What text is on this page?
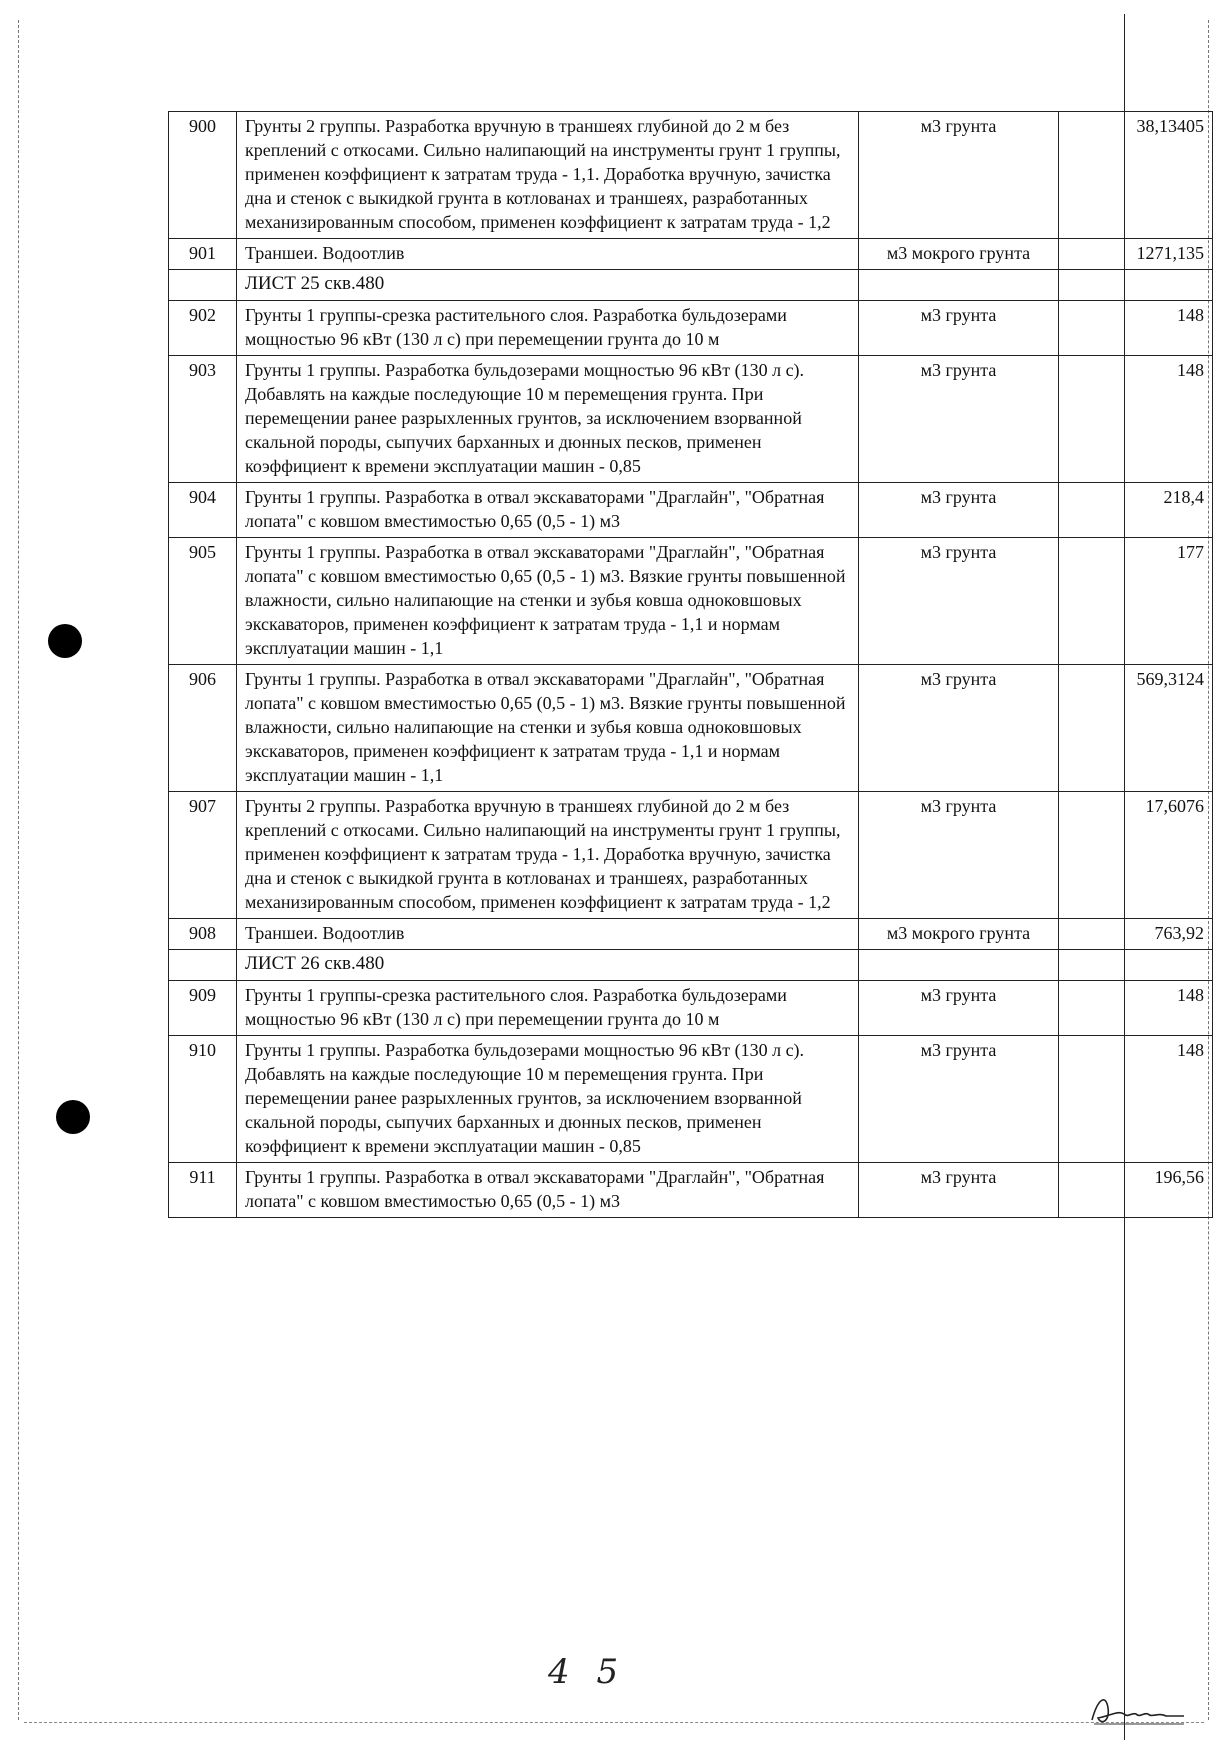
900	Грунты 2 группы. Разработка вручную в траншеях глубиной до 2 м без креплений с откосами. Сильно налипающий на инструменты грунт 1 группы, применен коэффициент к затратам труда - 1,1. Доработка вручную, зачистка дна и стенок с выкидкой грунта в котлованах и траншеях, разработанных механизированным способом, применен коэффициент к затратам труда - 1,2	м3 грунта	38,13405
901	Траншеи. Водоотлив	м3 мокрого грунта	1271,135
	ЛИСТ 25 скв.480		
902	Грунты 1 группы-срезка растительного слоя. Разработка бульдозерами мощностью 96 кВт (130 л с) при перемещении грунта до 10 м	м3 грунта	148
903	Грунты 1 группы. Разработка бульдозерами мощностью 96 кВт (130 л с). Добавлять на каждые последующие 10 м перемещения грунта. При перемещении ранее разрыхленных грунтов, за исключением взорванной скальной породы, сыпучих барханных и дюнных песков, применен коэффициент к времени эксплуатации машин - 0,85	м3 грунта	148
904	Грунты 1 группы. Разработка в отвал экскаваторами "Драглайн", "Обратная лопата" с ковшом вместимостью 0,65 (0,5 - 1) м3	м3 грунта	218,4
905	Грунты 1 группы. Разработка в отвал экскаваторами "Драглайн", "Обратная лопата" с ковшом вместимостью 0,65 (0,5 - 1) м3. Вязкие грунты повышенной влажности, сильно налипающие на стенки и зубья ковша одноковшовых экскаваторов, применен коэффициент к затратам труда - 1,1 и нормам эксплуатации машин - 1,1	м3 грунта	177
906	Грунты 1 группы. Разработка в отвал экскаваторами "Драглайн", "Обратная лопата" с ковшом вместимостью 0,65 (0,5 - 1) м3. Вязкие грунты повышенной влажности, сильно налипающие на стенки и зубья ковша одноковшовых экскаваторов, применен коэффициент к затратам труда - 1,1 и нормам эксплуатации машин - 1,1	м3 грунта	569,3124
907	Грунты 2 группы. Разработка вручную в траншеях глубиной до 2 м без креплений с откосами. Сильно налипающий на инструменты грунт 1 группы, применен коэффициент к затратам труда - 1,1. Доработка вручную, зачистка дна и стенок с выкидкой грунта в котлованах и траншеях, разработанных механизированным способом, применен коэффициент к затратам труда - 1,2	м3 грунта	17,6076
908	Траншеи. Водоотлив	м3 мокрого грунта	763,92
	ЛИСТ 26 скв.480		
909	Грунты 1 группы-срезка растительного слоя. Разработка бульдозерами мощностью 96 кВт (130 л с) при перемещении грунта до 10 м	м3 грунта	148
910	Грунты 1 группы. Разработка бульдозерами мощностью 96 кВт (130 л с). Добавлять на каждые последующие 10 м перемещения грунта. При перемещении ранее разрыхленных грунтов, за исключением взорванной скальной породы, сыпучих барханных и дюнных песков, применен коэффициент к времени эксплуатации машин - 0,85	м3 грунта	148
911	Грунты 1 группы. Разработка в отвал экскаваторами "Драглайн", "Обратная лопата" с ковшом вместимостью 0,65 (0,5 - 1) м3	м3 грунта	196,56
4 5
